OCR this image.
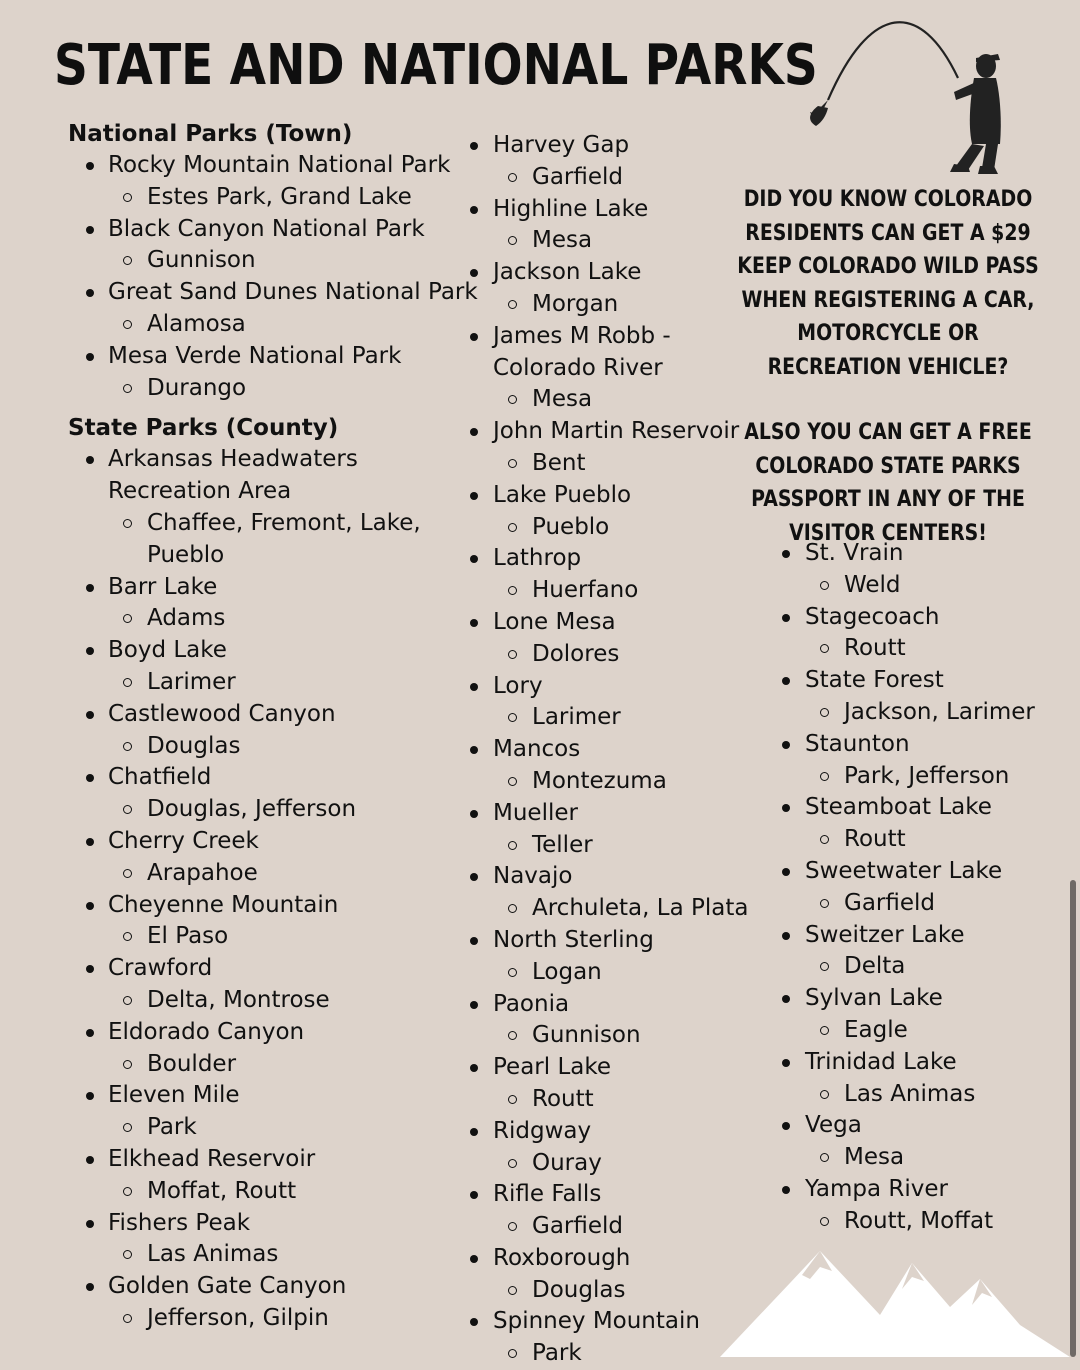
STATE AND NATIONAL PARKS
National Parks (Town)
Rocky Mountain National Park
Estes Park, Grand Lake
Black Canyon National Park
Gunnison
Great Sand Dunes National Park
Alamosa
Mesa Verde National Park
Durango
State Parks (County)
Arkansas Headwaters Recreation Area
Chaffee, Fremont, Lake, Pueblo
Barr Lake
Adams
Boyd Lake
Larimer
Castlewood Canyon
Douglas
Chatfield
Douglas, Jefferson
Cherry Creek
Arapahoe
Cheyenne Mountain
El Paso
Crawford
Delta, Montrose
Eldorado Canyon
Boulder
Eleven Mile
Park
Elkhead Reservoir
Moffat, Routt
Fishers Peak
Las Animas
Golden Gate Canyon
Jefferson, Gilpin
Harvey Gap
Garfield
Highline Lake
Mesa
Jackson Lake
Morgan
James M Robb - Colorado River
Mesa
John Martin Reservoir
Bent
Lake Pueblo
Pueblo
Lathrop
Huerfano
Lone Mesa
Dolores
Lory
Larimer
Mancos
Montezuma
Mueller
Teller
Navajo
Archuleta, La Plata
North Sterling
Logan
Paonia
Gunnison
Pearl Lake
Routt
Ridgway
Ouray
Rifle Falls
Garfield
Roxborough
Douglas
Spinney Mountain
Park

DID YOU KNOW COLORADO RESIDENTS CAN GET A $29 KEEP COLORADO WILD PASS WHEN REGISTERING A CAR, MOTORCYCLE OR RECREATION VEHICLE?

ALSO YOU CAN GET A FREE COLORADO STATE PARKS PASSPORT IN ANY OF THE VISITOR CENTERS!

St. Vrain
Weld
Stagecoach
Routt
State Forest
Jackson, Larimer
Staunton
Park, Jefferson
Steamboat Lake
Routt
Sweetwater Lake
Garfield
Sweitzer Lake
Delta
Sylvan Lake
Eagle
Trinidad Lake
Las Animas
Vega
Mesa
Yampa River
Routt, Moffat
